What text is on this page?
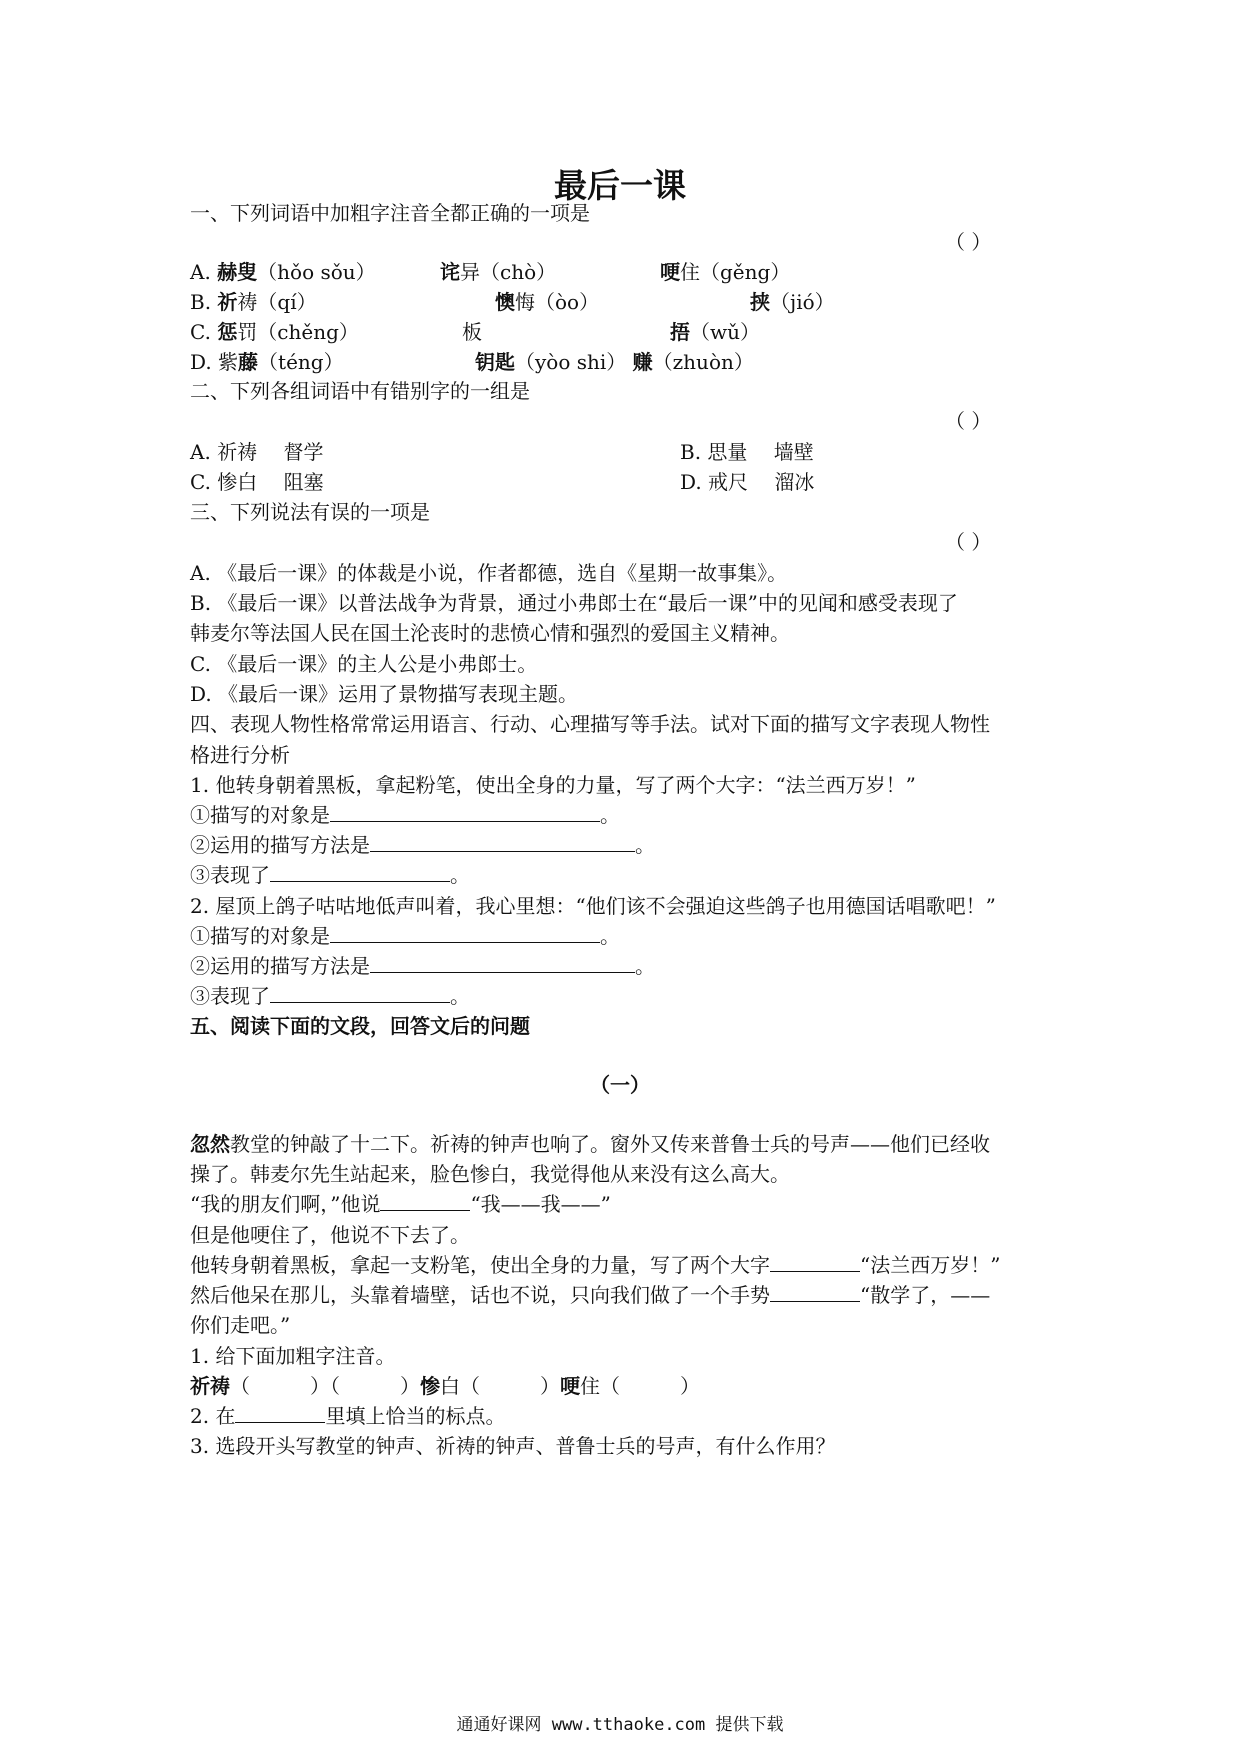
最后一课
一、下列词语中加粗字注音全都正确的一项是
（ ）
A. 赫叟（hǒo sǒu）	诧异（chò）	哽住（gěng）
B. 祈祷（qí）	懊悔（òo）	挟（jió）
C. 惩罚（chěng）	板	捂（wǔ）
D. 紫藤（téng）	钥匙（yòo shi） 赚（zhuòn）
二、下列各组词语中有错别字的一组是
（ ）
A. 祈祷　 督学	B. 思量　 墙壁
C. 惨白　 阻塞	D. 戒尺　 溜冰
三、下列说法有误的一项是
（ ）
A. 《最后一课》的体裁是小说，作者都德，选自《星期一故事集》。
B. 《最后一课》以普法战争为背景，通过小弗郎士在“最后一课”中的见闻和感受表现了
韩麦尔等法国人民在国土沦丧时的悲愤心情和强烈的爱国主义精神。
C. 《最后一课》的主人公是小弗郎士。
D. 《最后一课》运用了景物描写表现主题。
四、表现人物性格常常运用语言、行动、心理描写等手法。试对下面的描写文字表现人物性
格进行分析
1. 他转身朝着黑板，拿起粉笔，使出全身的力量，写了两个大字：“法兰西万岁！”
①描写的对象是	。
②运用的描写方法是	。
③表现了	。
2. 屋顶上鸽子咕咕地低声叫着，我心里想：“他们该不会强迫这些鸽子也用德国话唱歌吧！”
①描写的对象是	。
②运用的描写方法是	。
③表现了	。
五、阅读下面的文段，回答文后的问题
（一）
忽然教堂的钟敲了十二下。祈祷的钟声也响了。窗外又传来普鲁士兵的号声——他们已经收
操了。韩麦尔先生站起来，脸色惨白，我觉得他从来没有这么高大。
“我的朋友们啊，”他说	“我——我——”
但是他哽住了，他说不下去了。
他转身朝着黑板，拿起一支粉笔，使出全身的力量，写了两个大字	“法兰西万岁！”
然后他呆在那儿，头靠着墙壁，话也不说，只向我们做了一个手势	“散学了，——
你们走吧。”
1. 给下面加粗字注音。
祈祷（　　　）（　　　）惨白（　　　）哽住（　　　）
2. 在	里填上恰当的标点。
3. 选段开头写教堂的钟声、祈祷的钟声、普鲁士兵的号声，有什么作用？
通通好课网 www.tthaoke.com 提供下载
